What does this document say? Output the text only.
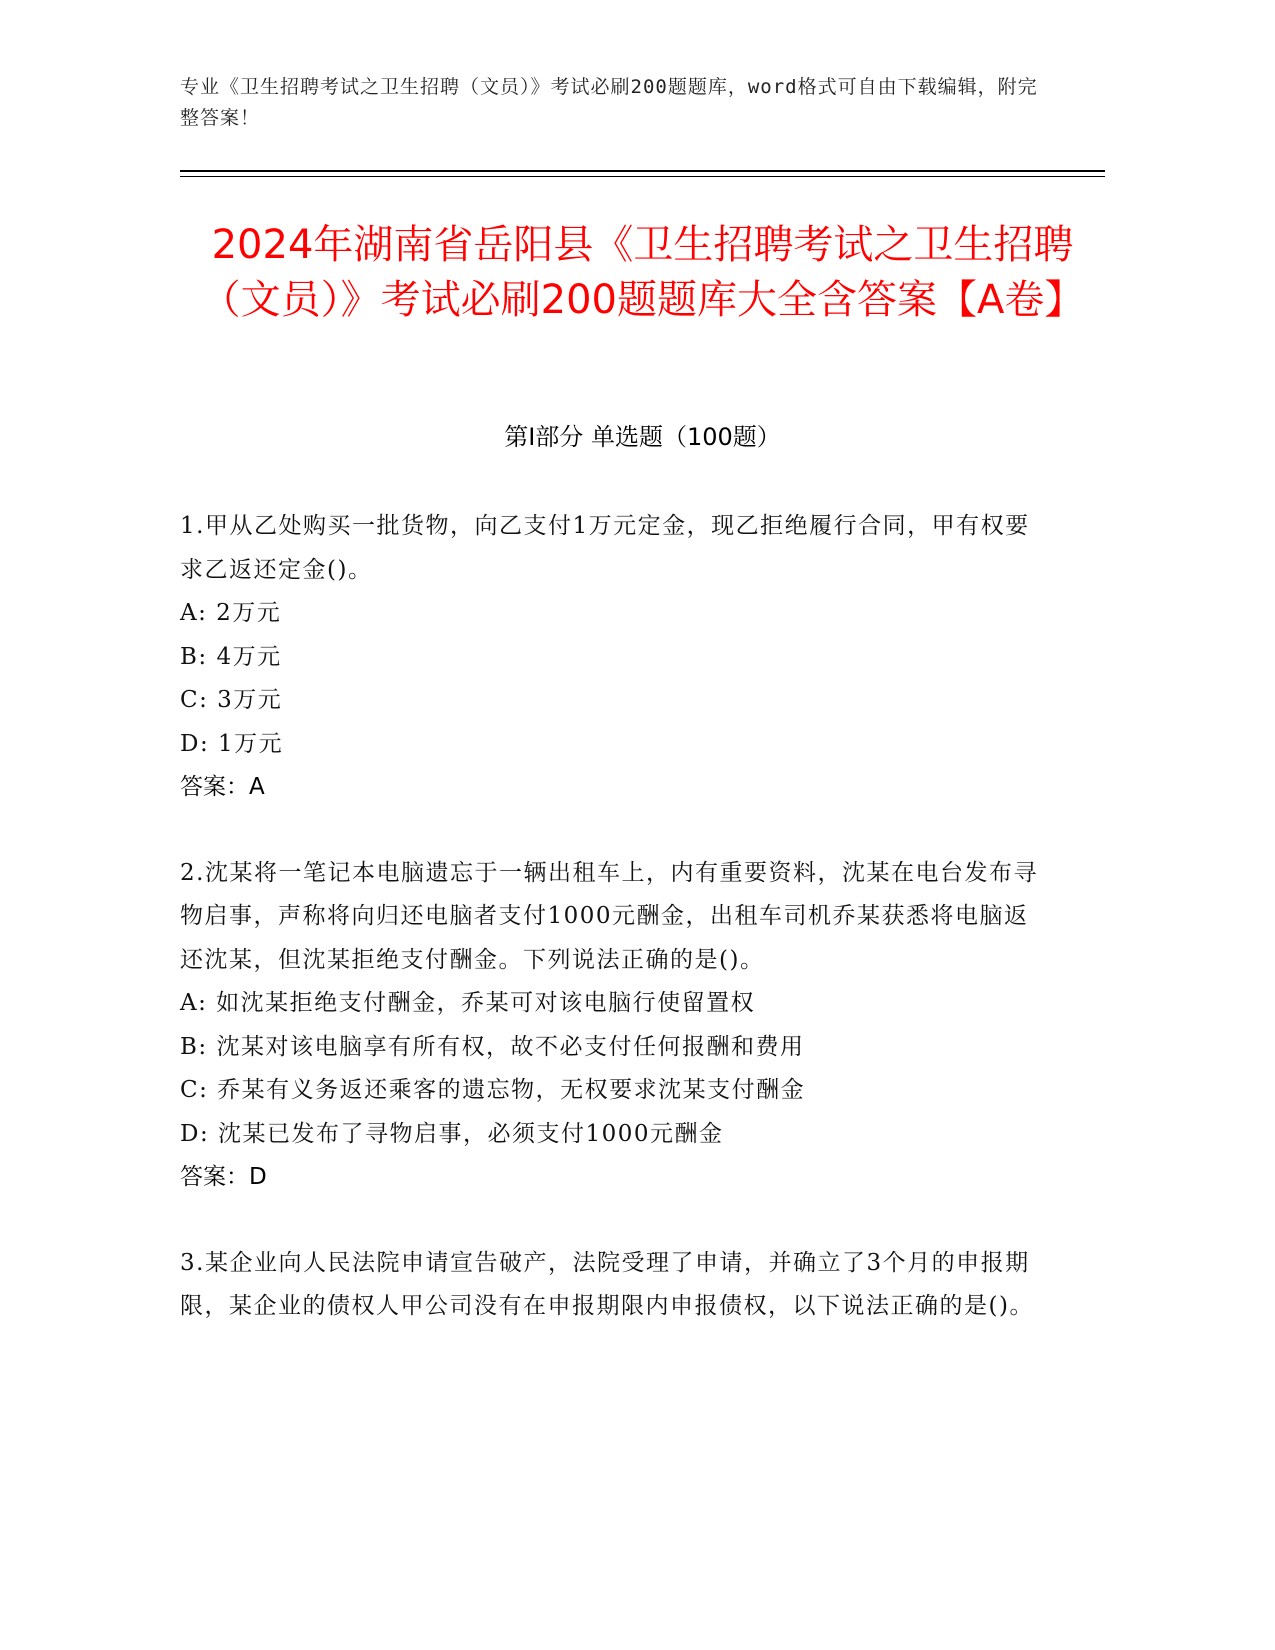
专业《卫生招聘考试之卫生招聘（文员）》考试必刷200题题库，word格式可自由下载编辑，附完整答案！
2024年湖南省岳阳县《卫生招聘考试之卫生招聘（文员）》考试必刷200题题库大全含答案【A卷】
第Ⅰ部分 单选题（100题）
1.甲从乙处购买一批货物，向乙支付1万元定金，现乙拒绝履行合同，甲有权要求乙返还定金()。
A: 2万元
B: 4万元
C: 3万元
D: 1万元
答案：A
2.沈某将一笔记本电脑遗忘于一辆出租车上，内有重要资料，沈某在电台发布寻物启事，声称将向归还电脑者支付1000元酬金，出租车司机乔某获悉将电脑返还沈某，但沈某拒绝支付酬金。下列说法正确的是()。
A: 如沈某拒绝支付酬金，乔某可对该电脑行使留置权
B: 沈某对该电脑享有所有权，故不必支付任何报酬和费用
C: 乔某有义务返还乘客的遗忘物，无权要求沈某支付酬金
D: 沈某已发布了寻物启事，必须支付1000元酬金
答案：D
3.某企业向人民法院申请宣告破产，法院受理了申请，并确立了3个月的申报期限，某企业的债权人甲公司没有在申报期限内申报债权，以下说法正确的是()。
